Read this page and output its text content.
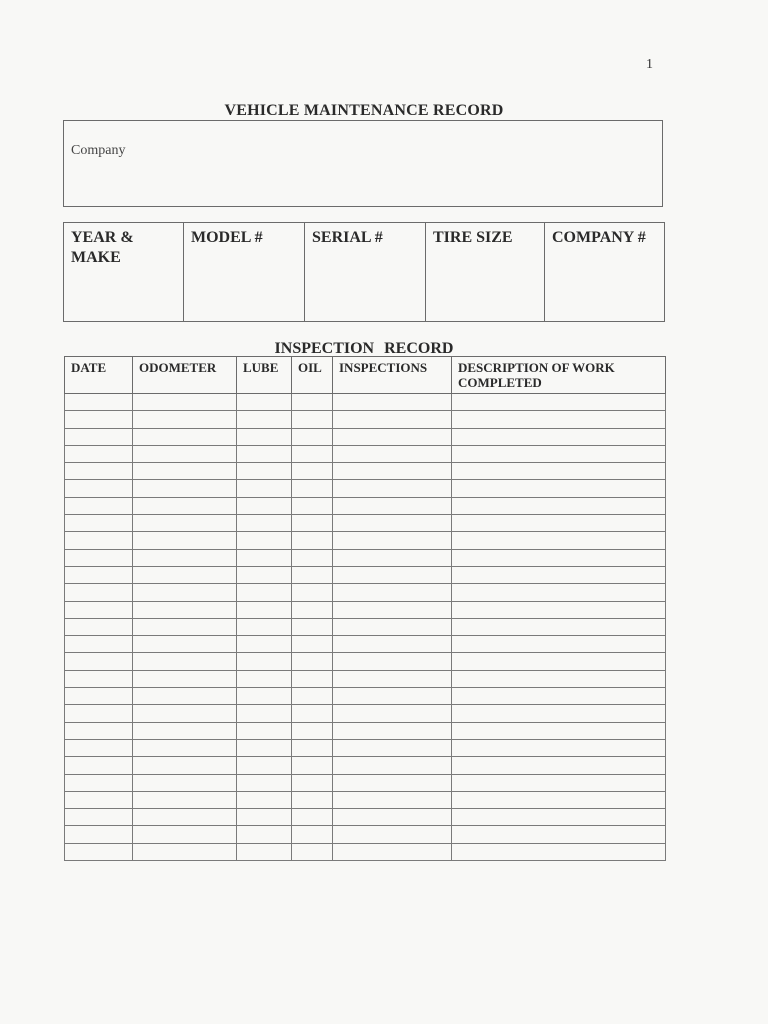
1
VEHICLE MAINTENANCE RECORD
Company
YEAR & MAKE	MODEL #	SERIAL #	TIRE SIZE	COMPANY #
INSPECTION RECORD
DATE	ODOMETER	LUBE	OIL	INSPECTIONS	DESCRIPTION OF WORK COMPLETED
